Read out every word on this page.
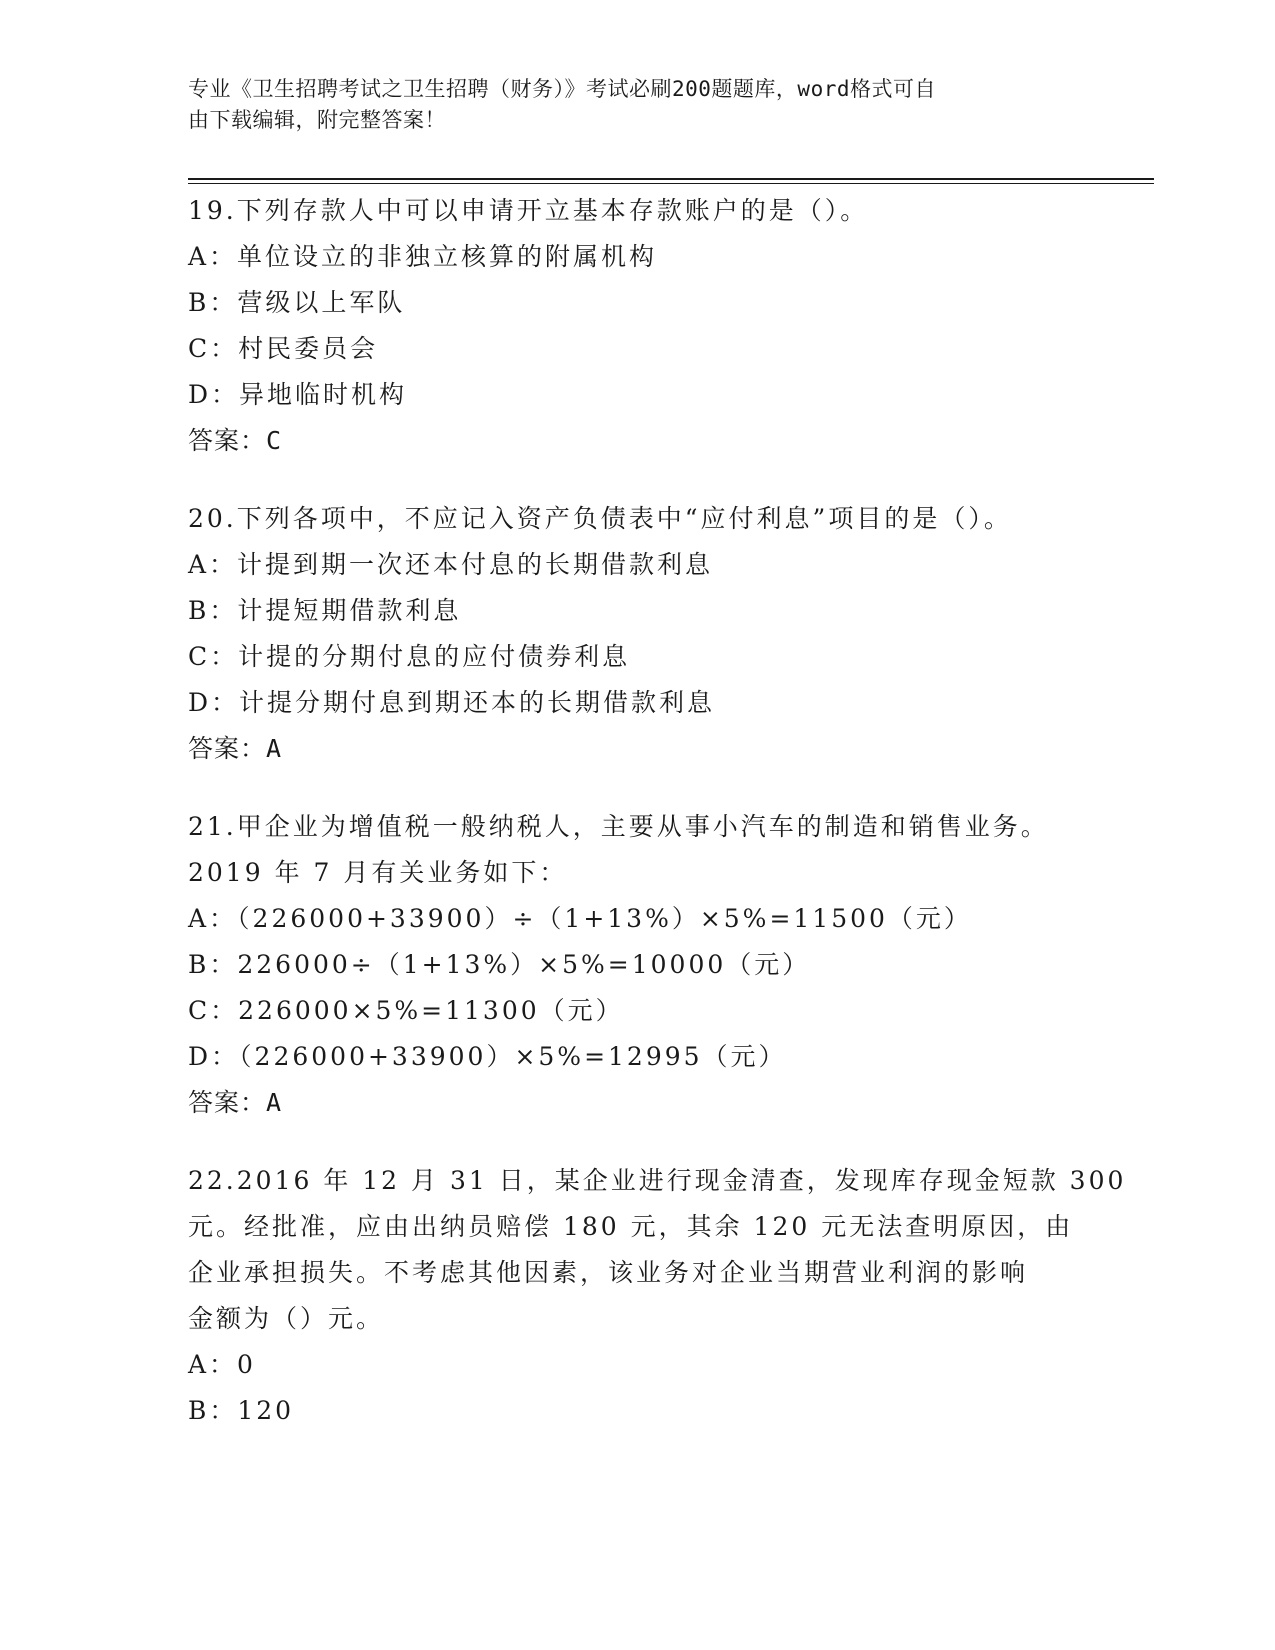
专业《卫生招聘考试之卫生招聘（财务）》考试必刷200题题库，word格式可自
由下载编辑，附完整答案！
19.下列存款人中可以申请开立基本存款账户的是（）。
A：单位设立的非独立核算的附属机构
B：营级以上军队
C：村民委员会
D：异地临时机构
答案：C
20.下列各项中，不应记入资产负债表中“应付利息”项目的是（）。
A：计提到期一次还本付息的长期借款利息
B：计提短期借款利息
C：计提的分期付息的应付债券利息
D：计提分期付息到期还本的长期借款利息
答案：A
21.甲企业为增值税一般纳税人，主要从事小汽车的制造和销售业务。
2019 年 7 月有关业务如下：
A：（226000+33900）÷（1+13%）×5%=11500（元）
B：226000÷（1+13%）×5%=10000（元）
C：226000×5%=11300（元）
D：（226000+33900）×5%=12995（元）
答案：A
22.2016 年 12 月 31 日，某企业进行现金清查，发现库存现金短款 300
元。经批准，应由出纳员赔偿 180 元，其余 120 元无法查明原因，由
企业承担损失。不考虑其他因素，该业务对企业当期营业利润的影响
金额为（）元。
A：0
B：120
